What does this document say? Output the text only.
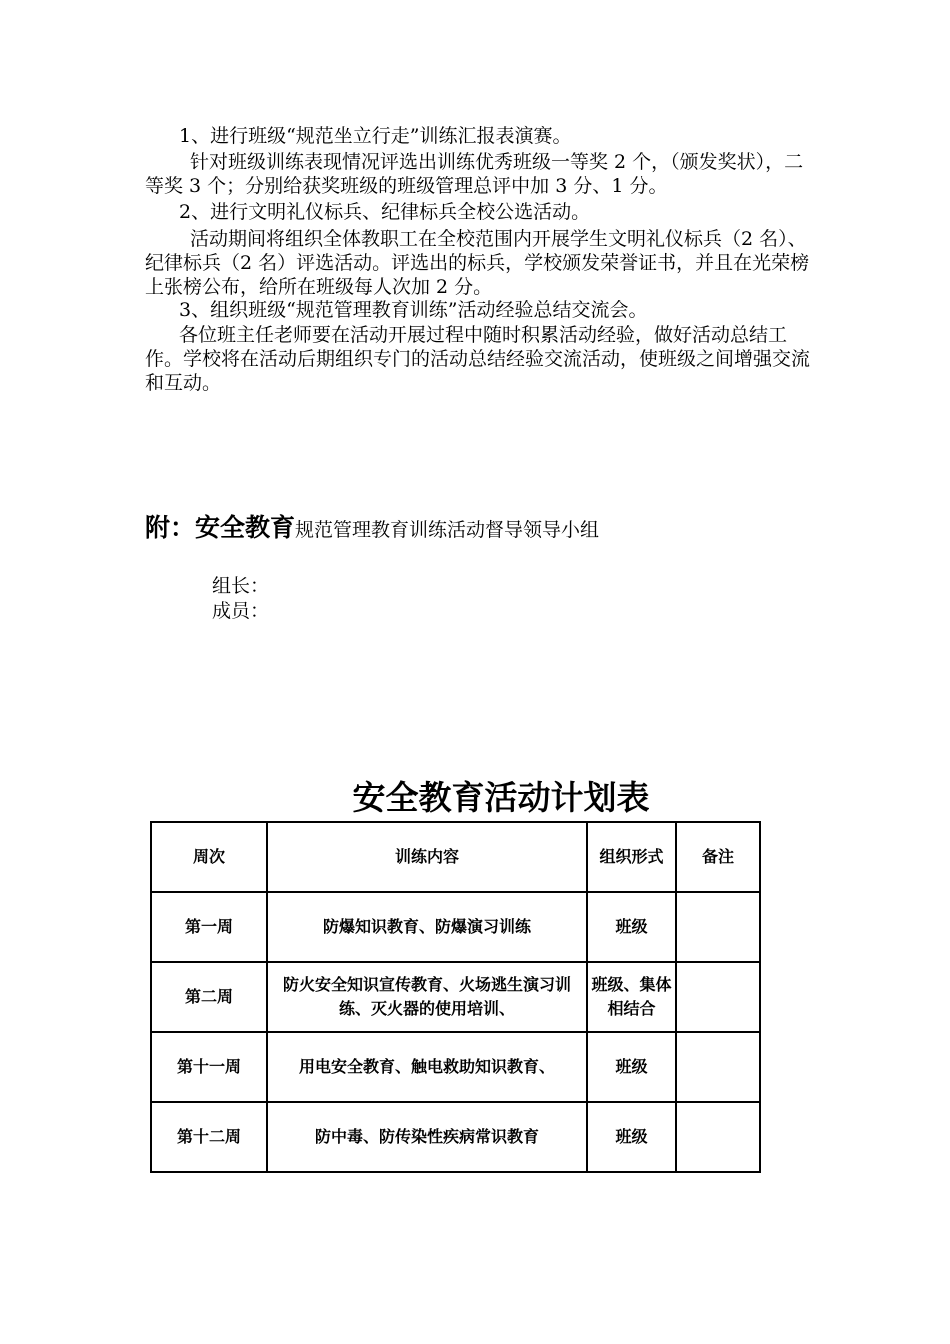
1、进行班级“规范坐立行走”训练汇报表演赛。

针对班级训练表现情况评选出训练优秀班级一等奖 2 个，（颁发奖状），二等奖 3 个；分别给获奖班级的班级管理总评中加 3 分、1 分。

2、进行文明礼仪标兵、纪律标兵全校公选活动。

活动期间将组织全体教职工在全校范围内开展学生文明礼仪标兵（2 名）、纪律标兵（2 名）评选活动。评选出的标兵，学校颁发荣誉证书，并且在光荣榜上张榜公布，给所在班级每人次加 2 分。

3、组织班级“规范管理教育训练”活动经验总结交流会。

各位班主任老师要在活动开展过程中随时积累活动经验，做好活动总结工作。学校将在活动后期组织专门的活动总结经验交流活动，使班级之间增强交流和互动。

附：安全教育规范管理教育训练活动督导领导小组
组长：
成员：
安全教育活动计划表
周次	训练内容	组织形式	备注
第一周	防爆知识教育、防爆演习训练	班级	
第二周	防火安全知识宣传教育、火场逃生演习训练、灭火器的使用培训、	班级、集体相结合	
第十一周	用电安全教育、触电救助知识教育、	班级	
第十二周	防中毒、防传染性疾病常识教育	班级	
